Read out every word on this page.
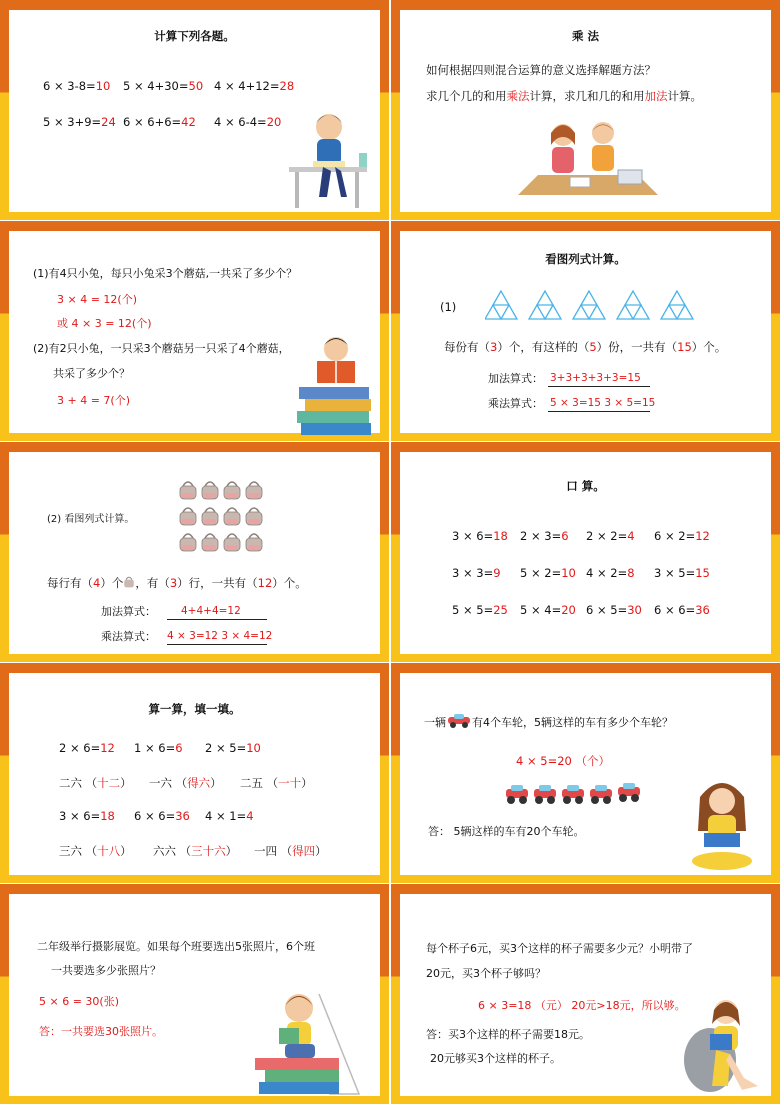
计算下列各题。
6 × 3-8=10 5 × 4+30=50 4 × 4+12=28
5 × 3+9=24 6 × 6+6=42 4 × 6-4=20
乘 法
如何根据四则混合运算的意义选择解题方法？
求几个几的和用乘法计算，求几和几的和用加法计算。
(1)有4只小兔，每只小兔采3个蘑菇,一共采了多少个？
3 × 4 = 12(个)
或 4 × 3 = 12(个)
(2)有2只小兔，一只采3个蘑菇另一只采了4个蘑菇，
共采了多少个？
3 + 4 = 7(个)
看图列式计算。
(1)
每份有（3）个，有这样的（5）份，一共有（15）个。
加法算式： 3+3+3+3+3=15
乘法算式： 5 × 3=15 3 × 5=15
(2) 看图列式计算。
每行有（4）个 ，有（3）行，一共有（12）个。
加法算式： 4+4+4=12
乘法算式： 4 × 3=12 3 × 4=12
口 算。
3 × 6=18 2 × 3=6 2 × 2=4 6 × 2=12
3 × 3=9 5 × 2=10 4 × 2=8 3 × 5=15
5 × 5=25 5 × 4=20 6 × 5=30 6 × 6=36
算一算，填一填。
2 × 6=12 1 × 6=6 2 × 5=10
二六 （十二） 一六 （得六） 二五 （一十）
3 × 6=18 6 × 6=36 4 × 1=4
三六 （十八） 六六 （三十六） 一四 （得四）
一辆 有4个车轮，5辆这样的车有多少个车轮？
4 × 5=20 （个）
答： 5辆这样的车有20个车轮。
二年级举行摄影展览。如果每个班要选出5张照片，6个班
一共要选多少张照片？
5 × 6 = 30(张)
答：一共要选30张照片。
每个杯子6元，买3个这样的杯子需要多少元？小明带了
20元，买3个杯子够吗？
6 × 3=18 （元） 20元>18元，所以够。
答：买3个这样的杯子需要18元。
20元够买3个这样的杯子。
